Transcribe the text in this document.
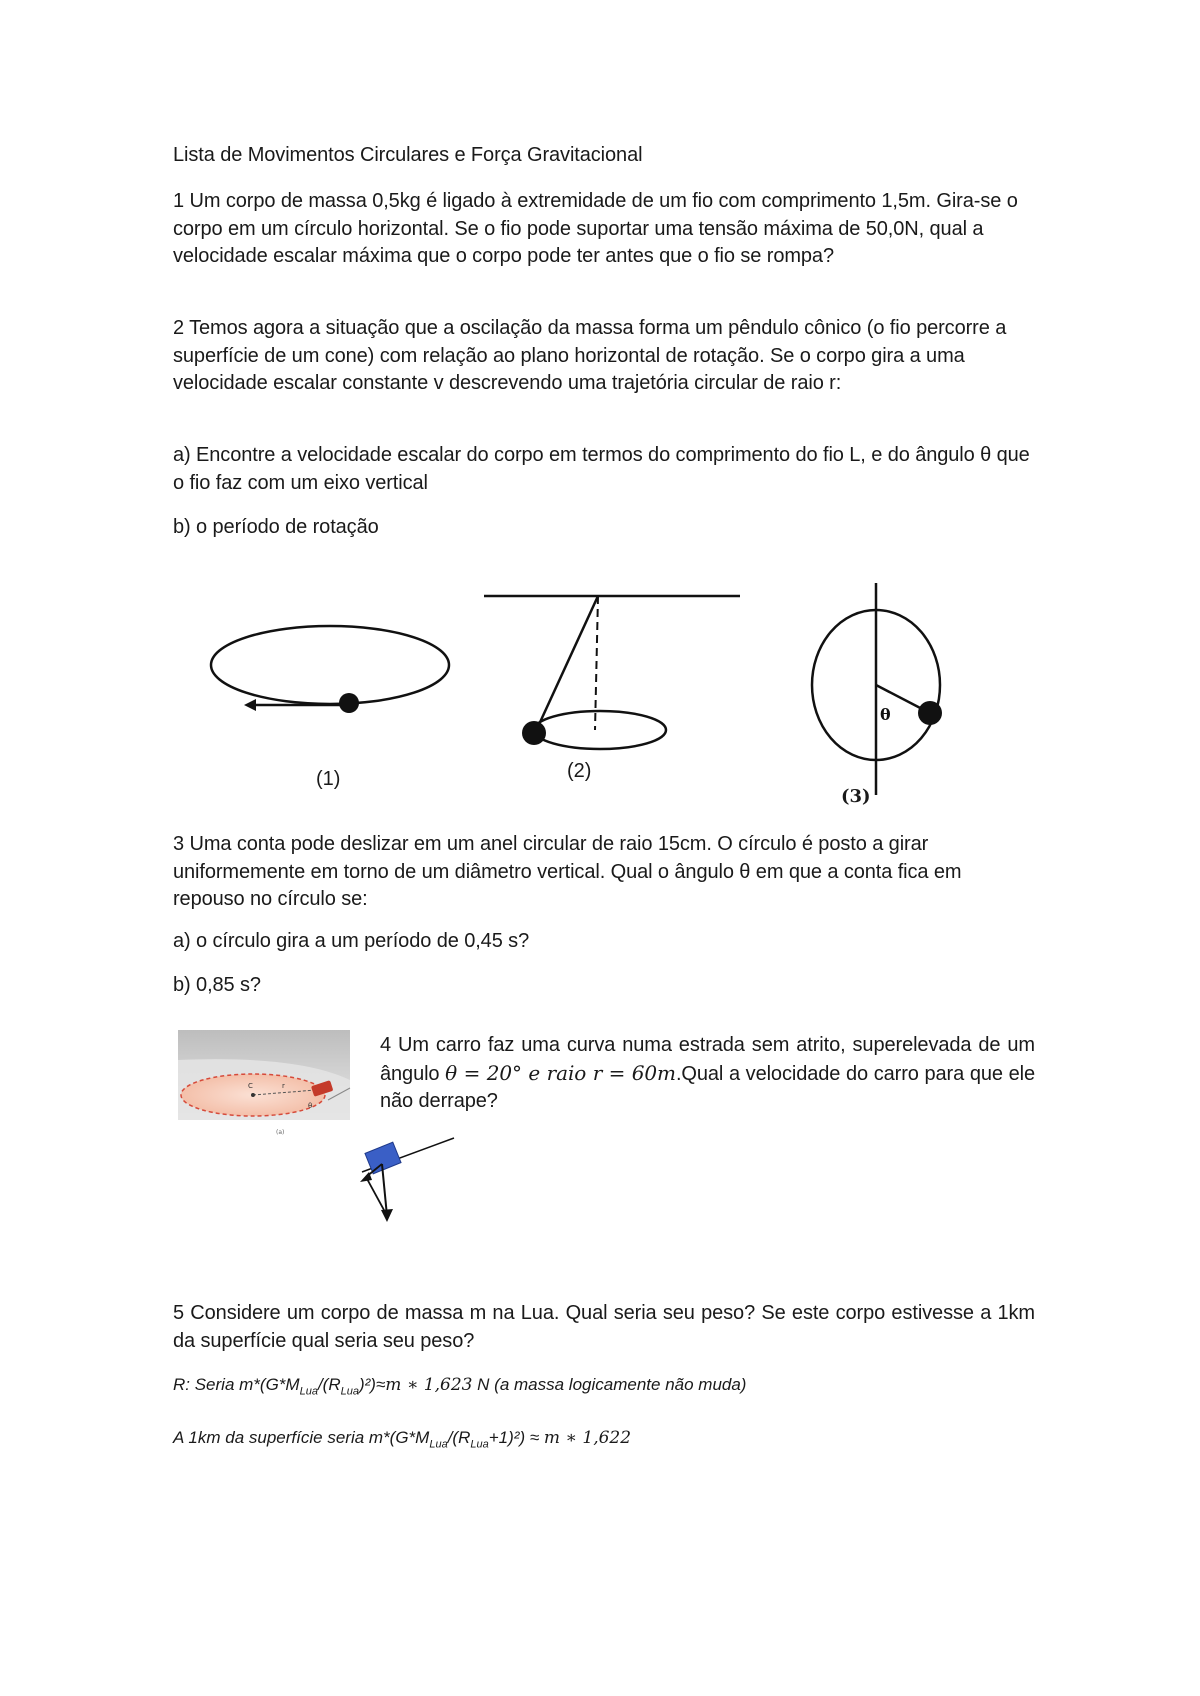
Lista de Movimentos Circulares e Força Gravitacional

1 Um corpo de massa 0,5kg é ligado à extremidade de um fio com comprimento 1,5m. Gira-se o corpo em um círculo horizontal. Se o fio pode suportar uma tensão máxima de 50,0N, qual a velocidade escalar máxima que o corpo pode ter antes que o fio se rompa?

2 Temos agora a situação que a oscilação da massa forma um pêndulo cônico (o fio percorre a superfície de um cone) com relação ao plano horizontal de rotação. Se o corpo gira a uma velocidade escalar constante v descrevendo uma trajetória circular de raio r:

a) Encontre a velocidade escalar do corpo em termos do comprimento do fio L, e do ângulo θ que o fio faz com um eixo vertical

b) o período de rotação

(1)	(2)
θ
(3)

3 Uma conta pode deslizar em um anel circular de raio 15cm. O círculo é posto a girar uniformemente em torno de um diâmetro vertical. Qual o ângulo θ em que a conta fica em repouso no círculo se:

a) o círculo gira a um período de 0,45 s?

b) 0,85 s?

C	r
θ
(a)

4 Um carro faz uma curva numa estrada sem atrito, superelevada de um ângulo θ = 20° e raio r = 60m.Qual a velocidade do carro para que ele não derrape?

5 Considere um corpo de massa m na Lua. Qual seria seu peso? Se este corpo estivesse a 1km da superfície qual seria seu peso?

R: Seria $m*(G*M_{Lua}/(R_{Lua})^2)\approx m$ ∗ 1,623 N (a massa logicamente não muda)

A 1km da superfície seria $m*(G*M_{Lua}/(R_{Lua}+1)^2) \approx m$ ∗ 1,622
